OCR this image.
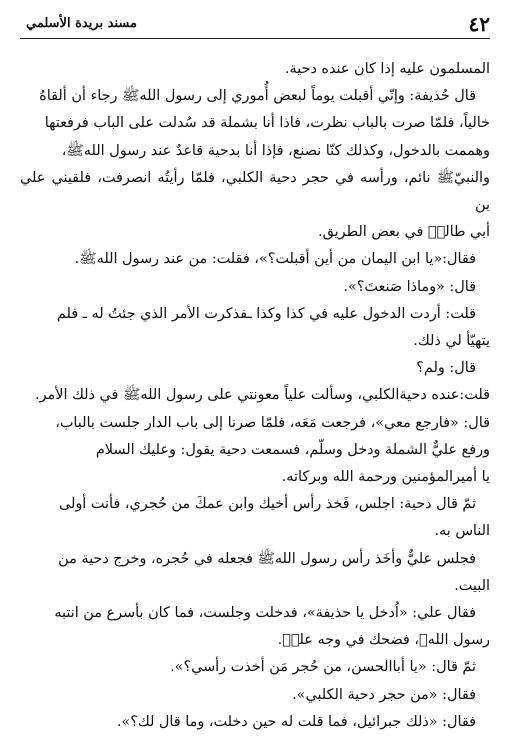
٤٢
مسند بريدة الأسلمي

المسلمون عليه إذا كان عنده دحية.

قال حُذيفة: وإنّي أقبلت يوماً لبعض أُموري إلى رسول اللهﷺ رجاء أن ألقاهُ

خالياً، فلمّا صرت بالباب نظرت، فاذا أنا بشملة قد سُدلت على الباب فرفعتها

وهممت بالدخول، وكذلك كنّا نصنع، فإذا أنا بدحية قاعدٌ عند رسول اللهﷺ،

والنبيّﷺ نائم، ورأسه في حجر دحية الكلبي، فلمّا رأيتُه انصرفت، فلقيني علي بن

أبي طالبؑ في بعض الطريق.

فقال:«يا ابن اليمان من أين أقبلت؟»، فقلت: من عند رسول اللهﷺ.

قال: «وماذا صَنعتَ؟».

قلت: أردت الدخول عليه في كذا وكذا ـفذكرت الأمر الذي جئتُ له ـ فلم

يتهيّأ لي ذلك.

قال: ولم؟

قلت:عنده دحيةالكلبي، وسألت علياً معونتي على رسول اللهﷺ في ذلك الأمر.

قال: «فارجع معي»، فرجعت مَعَه، فلمّا صرنا إلى باب الدار جلست بالباب،

ورفع عليٌّ الشملة ودخل وسلّم، فسمعت دحية يقول: وعليك السلام

يا أميرالمؤمنين ورحمة الله وبركاته.

ثمّ قال دحية: اجلس، فَخذ رأس أخيك وابن عمكَ من حُجري، فأنت أولى

الناس به.

فجلس عليٌّ وأخَذ رأس رسول اللهﷺ فجعله في حُجره، وخرج دحية من

البيت.

فقال علي: «اُدخل يا حذيفة»، فدخلت وجلست، فما كان بأسرع من انتبه

رسول اللهﷺ، فضحك في وجه عليؑ.

ثمّ قال: «يا أباالحسن، من حُجر مَن أخذت رأسي؟».

فقال: «من حجر دحية الكلبي».

فقال: «ذلك جبرائيل، فما قلت له حين دخلت، وما قال لك؟».
